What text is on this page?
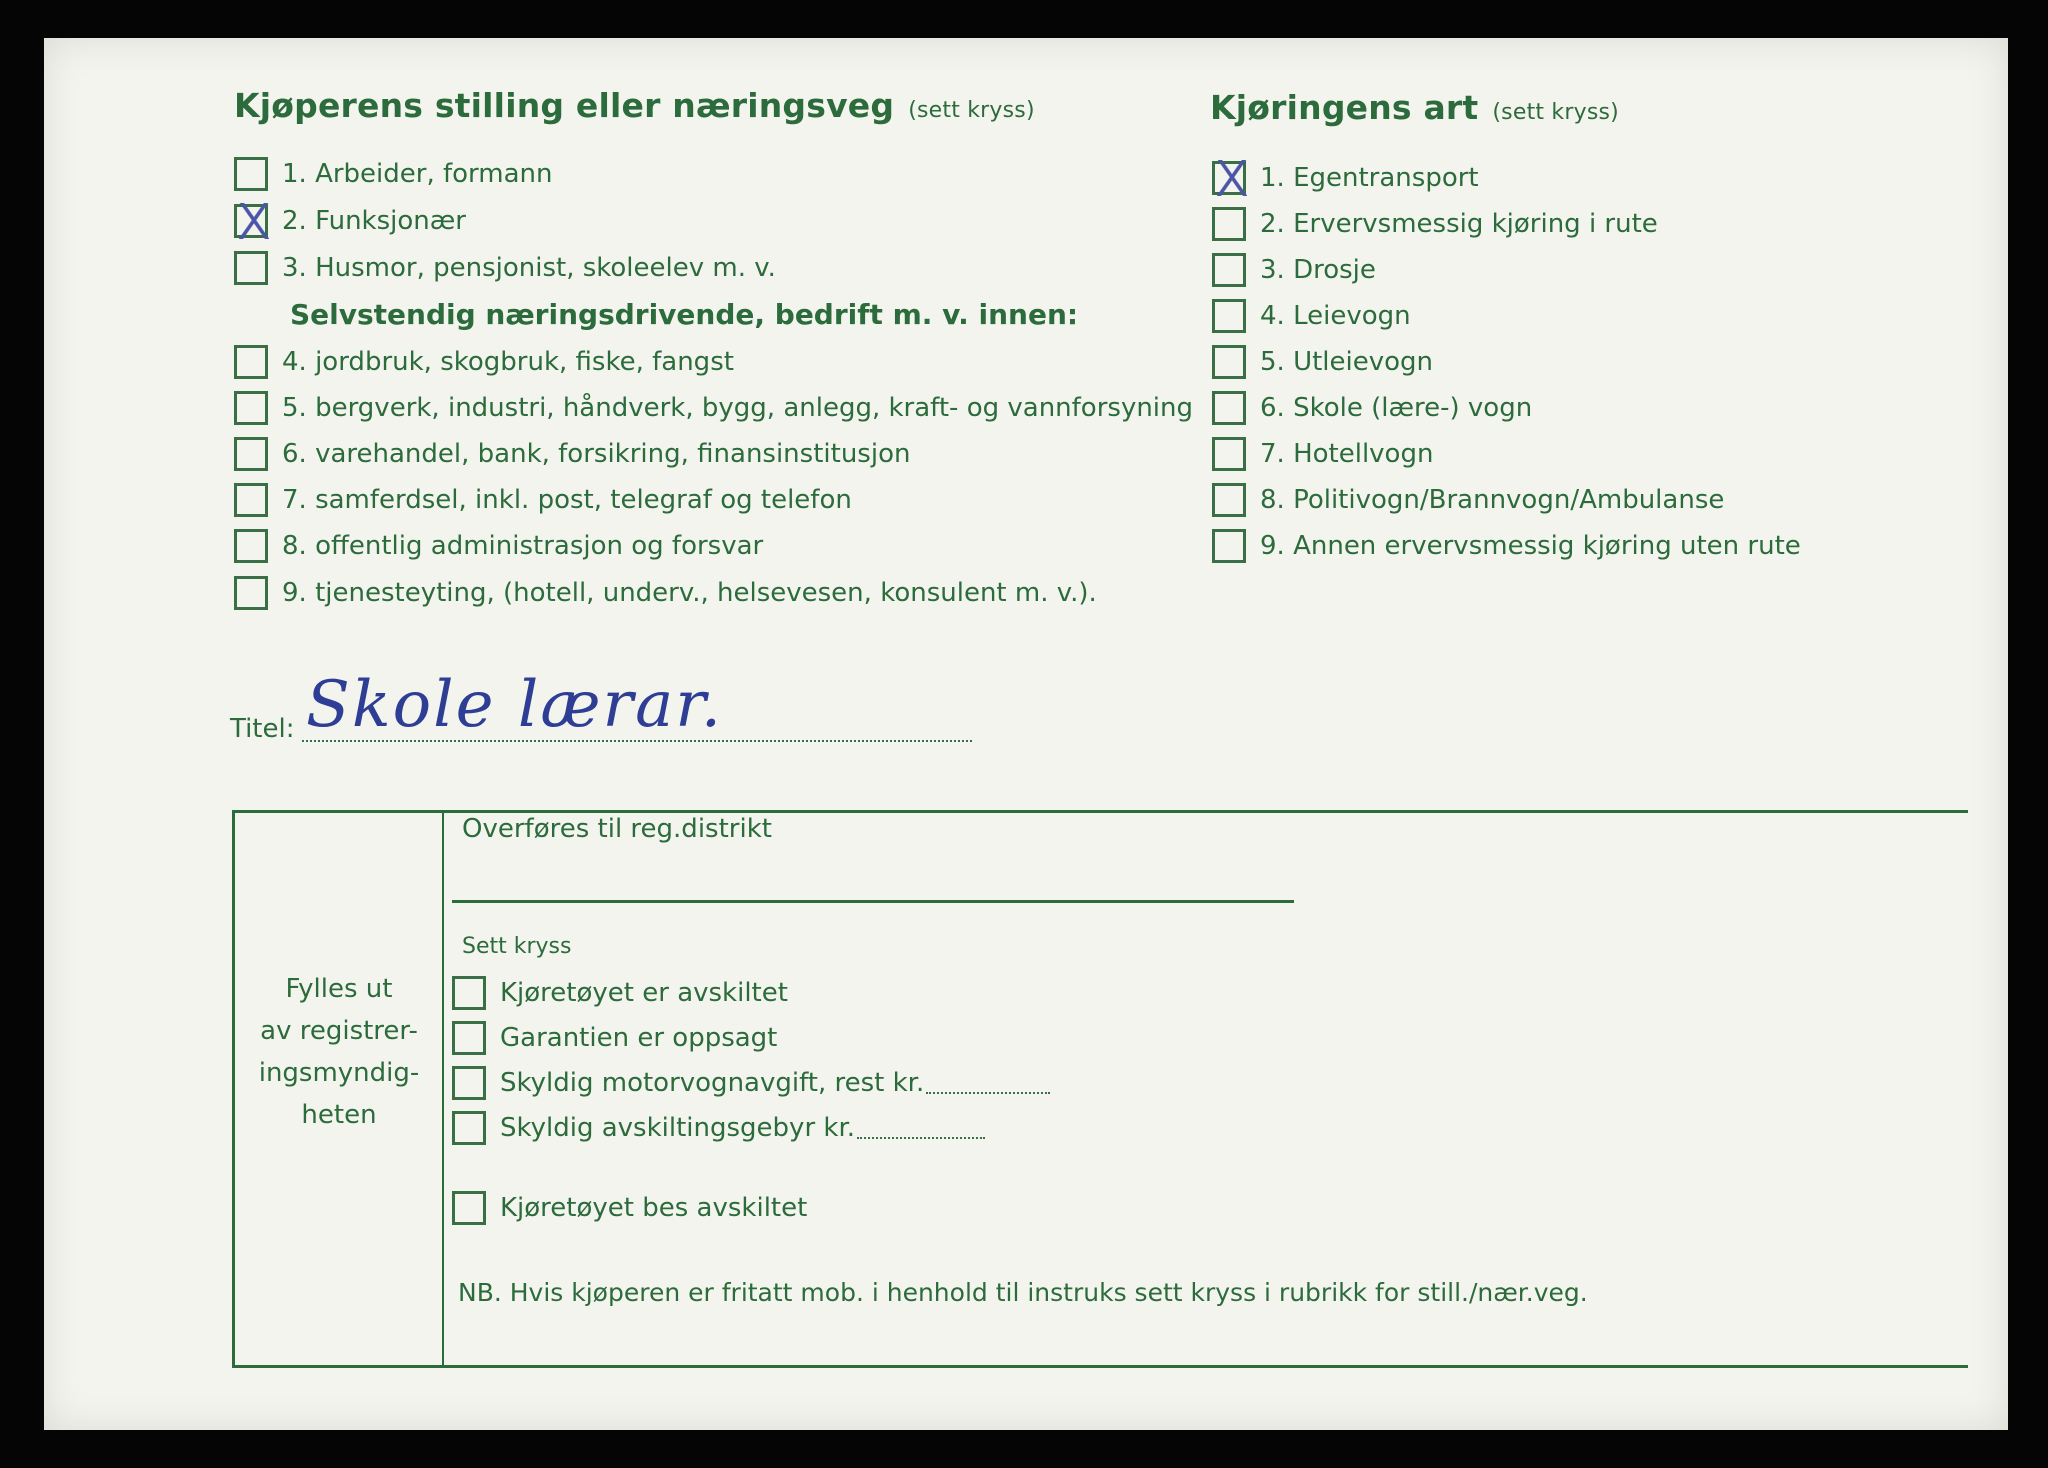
Kjøperens stilling eller næringsveg (sett kryss)
1. Arbeider, formann
2. Funksjonær
3. Husmor, pensjonist, skoleelev m. v.
Selvstendig næringsdrivende, bedrift m. v. innen:
4. jordbruk, skogbruk, fiske, fangst
5. bergverk, industri, håndverk, bygg, anlegg, kraft- og vannforsyning
6. varehandel, bank, forsikring, finansinstitusjon
7. samferdsel, inkl. post, telegraf og telefon
8. offentlig administrasjon og forsvar
9. tjenesteyting, (hotell, underv., helsevesen, konsulent m. v.).
Titel: Skole lærar.
Kjøringens art (sett kryss)
1. Egentransport
2. Ervervsmessig kjøring i rute
3. Drosje
4. Leievogn
5. Utleievogn
6. Skole (lære-) vogn
7. Hotellvogn
8. Politivogn/Brannvogn/Ambulanse
9. Annen ervervsmessig kjøring uten rute
Fylles ut
av registrer-
ingsmyndig-
heten
Overføres til reg.distrikt
Sett kryss
Kjøretøyet er avskiltet
Garantien er oppsagt
Skyldig motorvognavgift, rest kr.
Skyldig avskiltingsgebyr kr.
Kjøretøyet bes avskiltet
NB. Hvis kjøperen er fritatt mob. i henhold til instruks sett kryss i rubrikk for still./nær.veg.
